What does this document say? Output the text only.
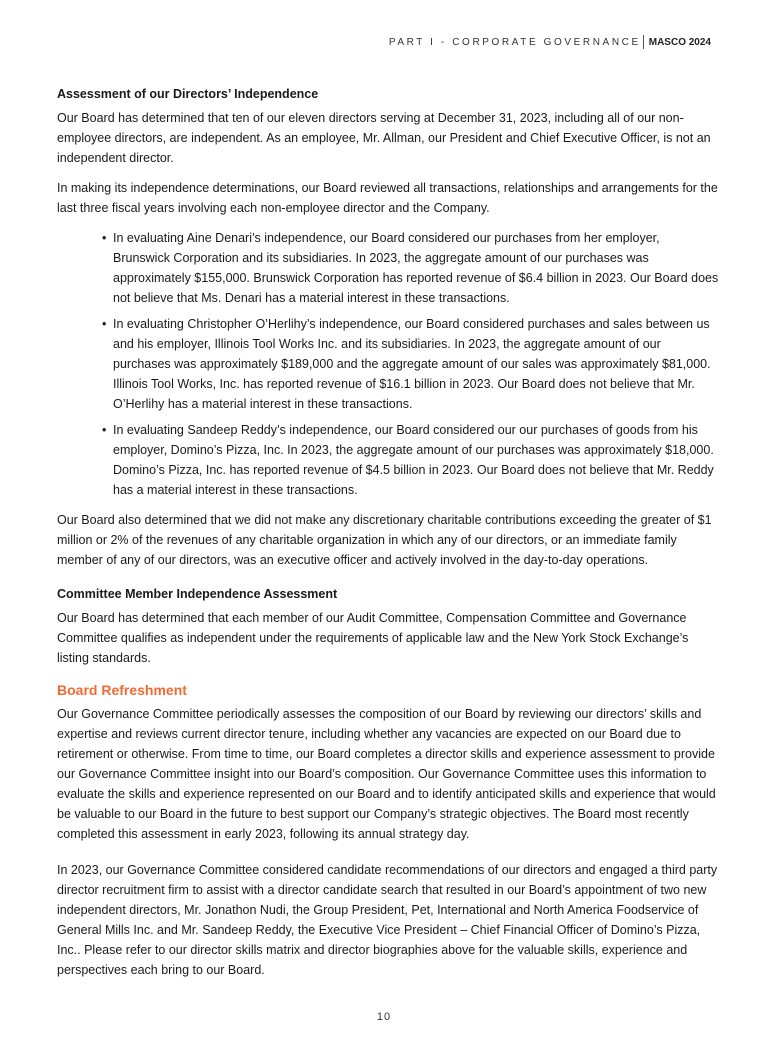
PART I - CORPORATE GOVERNANCE MASCO 2024
Assessment of our Directors’ Independence

Our Board has determined that ten of our eleven directors serving at December 31, 2023, including all of our non-employee directors, are independent. As an employee, Mr. Allman, our President and Chief Executive Officer, is not an independent director.

In making its independence determinations, our Board reviewed all transactions, relationships and arrangements for the last three fiscal years involving each non-employee director and the Company.

• In evaluating Aine Denari’s independence, our Board considered our purchases from her employer, Brunswick Corporation and its subsidiaries. In 2023, the aggregate amount of our purchases was approximately $155,000. Brunswick Corporation has reported revenue of $6.4 billion in 2023. Our Board does not believe that Ms. Denari has a material interest in these transactions.
• In evaluating Christopher O’Herlihy’s independence, our Board considered purchases and sales between us and his employer, Illinois Tool Works Inc. and its subsidiaries. In 2023, the aggregate amount of our purchases was approximately $189,000 and the aggregate amount of our sales was approximately $81,000. Illinois Tool Works, Inc. has reported revenue of $16.1 billion in 2023. Our Board does not believe that Mr. O’Herlihy has a material interest in these transactions.
• In evaluating Sandeep Reddy’s independence, our Board considered our our purchases of goods from his employer, Domino’s Pizza, Inc. In 2023, the aggregate amount of our purchases was approximately $18,000. Domino’s Pizza, Inc. has reported revenue of $4.5 billion in 2023. Our Board does not believe that Mr. Reddy has a material interest in these transactions.

Our Board also determined that we did not make any discretionary charitable contributions exceeding the greater of $1 million or 2% of the revenues of any charitable organization in which any of our directors, or an immediate family member of any of our directors, was an executive officer and actively involved in the day-to-day operations.

Committee Member Independence Assessment

Our Board has determined that each member of our Audit Committee, Compensation Committee and Governance Committee qualifies as independent under the requirements of applicable law and the New York Stock Exchange’s listing standards.

Board Refreshment

Our Governance Committee periodically assesses the composition of our Board by reviewing our directors’ skills and expertise and reviews current director tenure, including whether any vacancies are expected on our Board due to retirement or otherwise. From time to time, our Board completes a director skills and experience assessment to provide our Governance Committee insight into our Board’s composition. Our Governance Committee uses this information to evaluate the skills and experience represented on our Board and to identify anticipated skills and experience that would be valuable to our Board in the future to best support our Company’s strategic objectives. The Board most recently completed this assessment in early 2023, following its annual strategy day.

In 2023, our Governance Committee considered candidate recommendations of our directors and engaged a third party director recruitment firm to assist with a director candidate search that resulted in our Board’s appointment of two new independent directors, Mr. Jonathon Nudi, the Group President, Pet, International and North America Foodservice of General Mills Inc. and Mr. Sandeep Reddy, the Executive Vice President – Chief Financial Officer of Domino’s Pizza, Inc.. Please refer to our director skills matrix and director biographies above for the valuable skills, experience and perspectives each bring to our Board.

10
